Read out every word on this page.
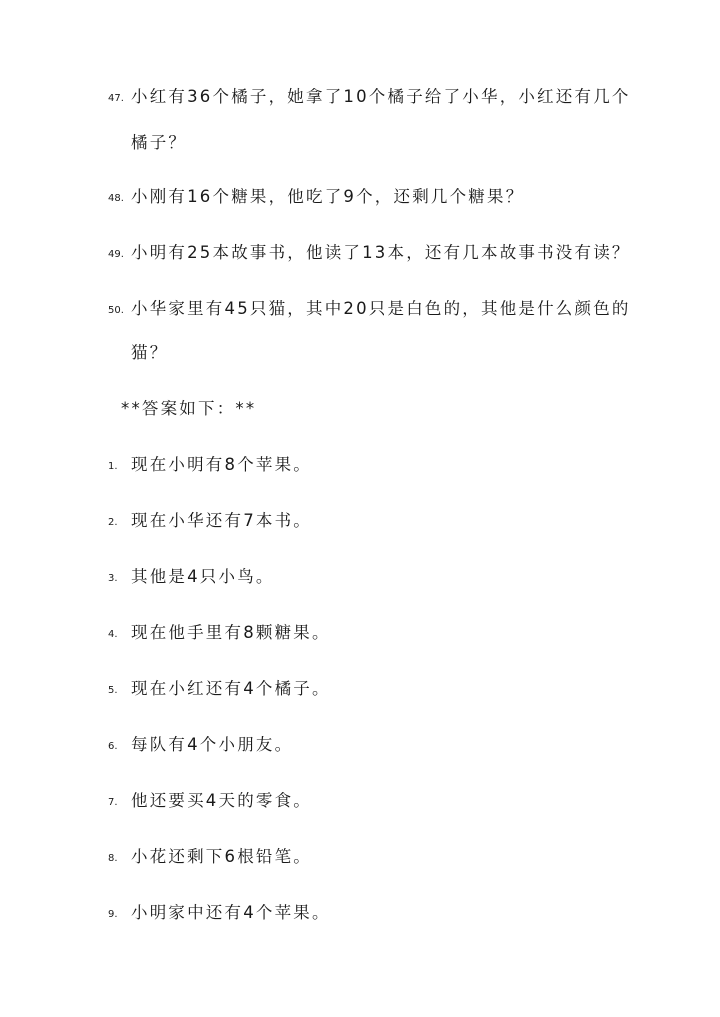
47. 小红有36个橘子，她拿了10个橘子给了小华，小红还有几个
橘子？
48. 小刚有16个糖果，他吃了9个，还剩几个糖果？
49. 小明有25本故事书，他读了13本，还有几本故事书没有读？
50. 小华家里有45只猫，其中20只是白色的，其他是什么颜色的
猫？
**答案如下：**
1. 现在小明有8个苹果。
2. 现在小华还有7本书。
3. 其他是4只小鸟。
4. 现在他手里有8颗糖果。
5. 现在小红还有4个橘子。
6. 每队有4个小朋友。
7. 他还要买4天的零食。
8. 小花还剩下6根铅笔。
9. 小明家中还有4个苹果。
